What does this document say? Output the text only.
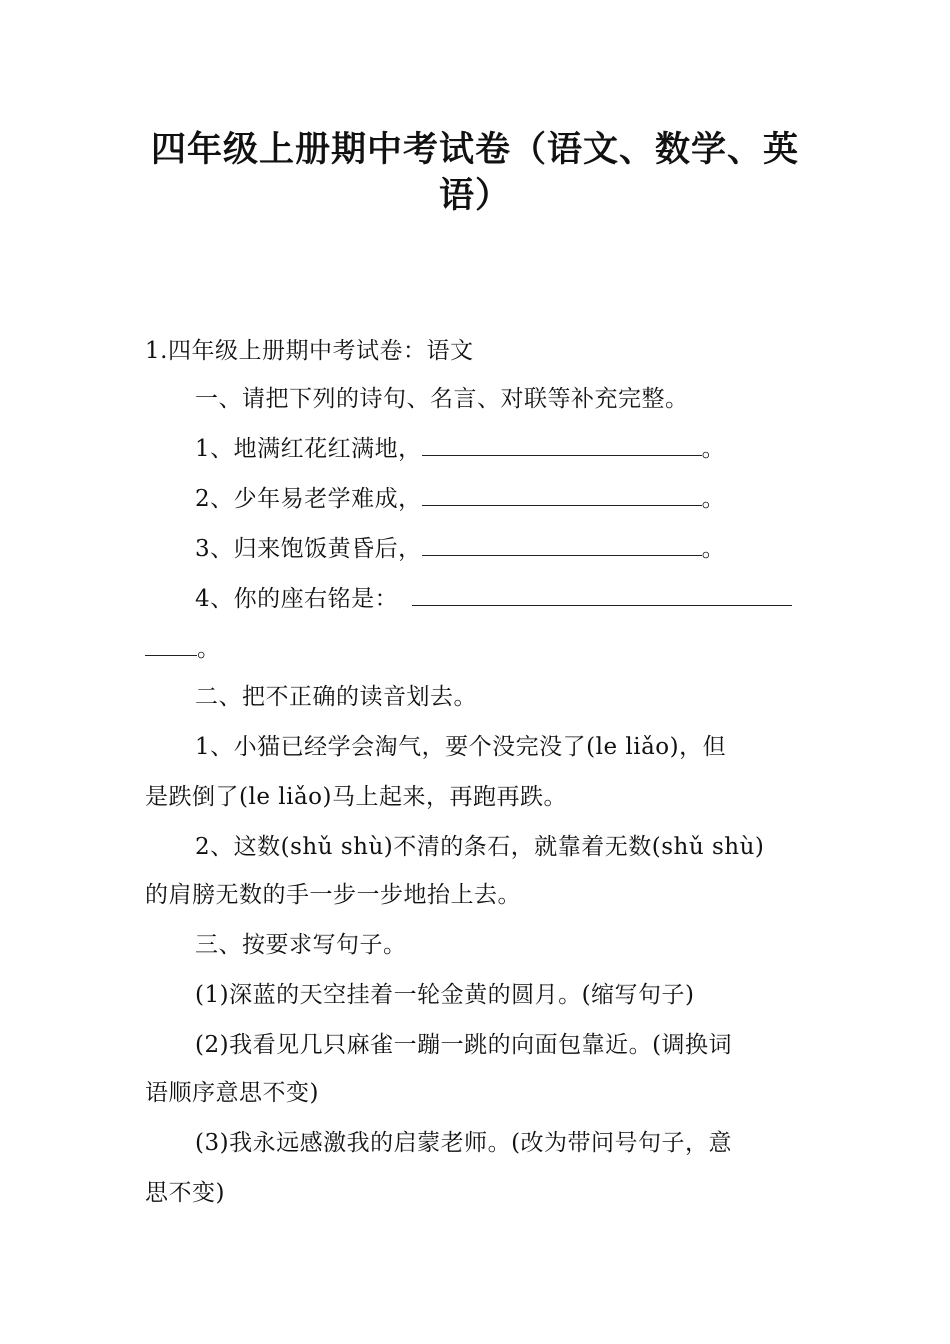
四年级上册期中考试卷（语文、数学、英
语）
1.四年级上册期中考试卷：语文
一、请把下列的诗句、名言、对联等补充完整。
1、地满红花红满地，	。
2、少年易老学难成，	。
3、归来饱饭黄昏后，	。
4、你的座右铭是：
。
二、把不正确的读音划去。
1、小猫已经学会淘气，要个没完没了(le liǎo)，但
是跌倒了(le liǎo)马上起来，再跑再跌。
2、这数(shǔ shù)不清的条石，就靠着无数(shǔ shù)
的肩膀无数的手一步一步地抬上去。
三、按要求写句子。
(1)深蓝的天空挂着一轮金黄的圆月。(缩写句子)
(2)我看见几只麻雀一蹦一跳的向面包靠近。(调换词
语顺序意思不变)
(3)我永远感激我的启蒙老师。(改为带问号句子，意
思不变)
